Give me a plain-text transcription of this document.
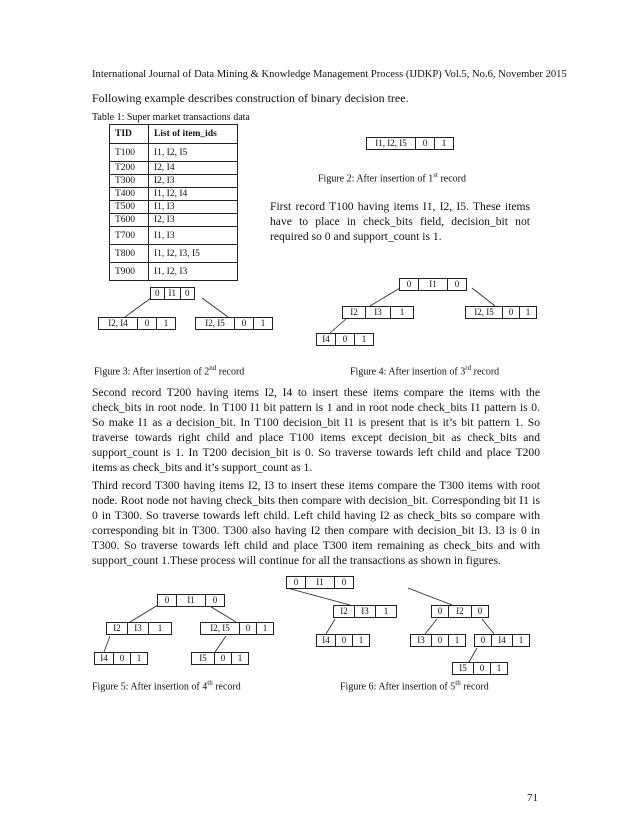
International Journal of Data Mining & Knowledge Management Process (IJDKP) Vol.5, No.6, November 2015
Following example describes construction of binary decision tree.
Table 1: Super market transactions data
TID	List of item_ids
T100	I1, I2, I5
T200	I2, I4
T300	I2, I3
T400	I1, I2, I4
T500	I1, I3
T600	I2, I3
T700	I1, I3
T800	I1, I2, I3, I5
T900	I1, I2, I3
I1, I2, I5	0	1
Figure 2: After insertion of 1st record
First record T100 having items I1, I2, I5. These items have to place in check_bits field, decision_bit not required so 0 and support_count is 1.
0	I1	0
I2, I4	0	1	I2, I5	0	1
0	I1	0
I2	I3	1	I2, I5	0	1
I4	0	1
Figure 3: After insertion of 2nd record	Figure 4: After insertion of 3rd record
Second record T200 having items I2, I4 to insert these items compare the items with the check_bits in root node. In T100 I1 bit pattern is 1 and in root node check_bits I1 pattern is 0. So make I1 as a decision_bit. In T100 decision_bit I1 is present that is it’s bit pattern 1. So traverse towards right child and place T100 items except decision_bit as check_bits and support_count is 1. In T200 decision_bit is 0. So traverse towards left child and place T200 items as check_bits and it’s support_count as 1.
Third record T300 having items I2, I3 to insert these items compare the T300 items with root node. Root node not having check_bits then compare with decision_bit. Corresponding bit I1 is 0 in T300. So traverse towards left child. Left child having I2 as check_bits so compare with corresponding bit in T300. T300 also having I2 then compare with decision_bit I3. I3 is 0 in T300. So traverse towards left child and place T300 item remaining as check_bits and with support_count 1.These process will continue for all the transactions as shown in figures.
0	I1	0
I2	I3	1	I2, I5	0	1
I4	0	1	I5	0	1
0	I1	0
I2	I3	1	0	I2	0
I4	0	1	I3	0	1	0	I4	1
I5	0	1
Figure 5: After insertion of 4th record	Figure 6: After insertion of 5th record
71
